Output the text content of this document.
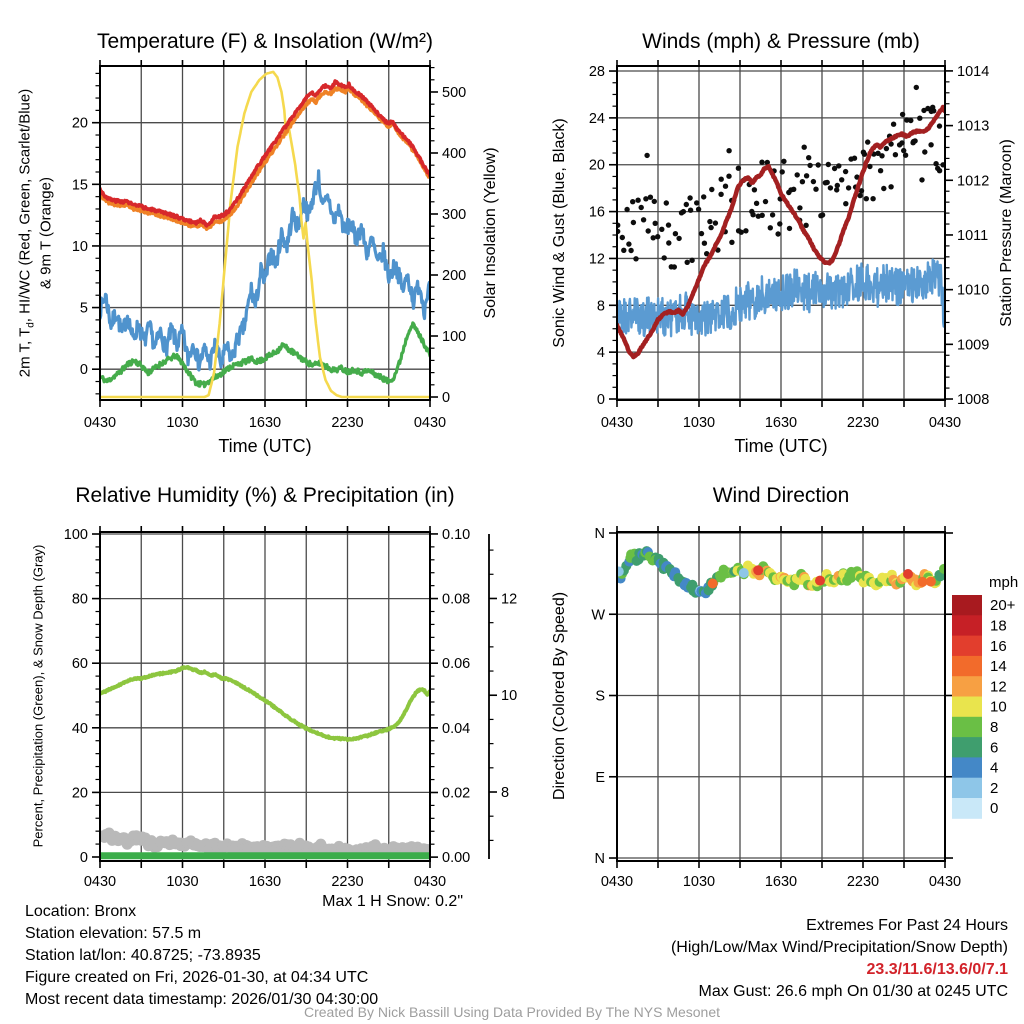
0430	1030	1630	2230	0430
0
5
10
15
20
0
100
200
300
400
500
0430	1030	1630	2230	0430
0
4
8
12
16
20
24
28
1008
1009
1010
1011
1012
1013
1014
0430	1030	1630	2230	0430
0
20
40
60
80
100
0.00
0.02
0.04
0.06
0.08
0.10
8
10
12
0430	1030	1630	2230	0430
N
W
S
E
N
20+
18
16
14
12
10
8
6
4
2
0
Temperature (F) & Insolation (W/m²)	Winds (mph) & Pressure (mb)
Relative Humidity (%) & Precipitation (in)	Wind Direction
Time (UTC)	Time (UTC)
2m T, $T_d$, HI/WC (Red, Green, Scarlet/Blue) & 9m T (Orange)	Solar Insolation (Yellow)	Sonic Wind & Gust (Blue, Black)	Station Pressure (Maroon)
Percent, Precipitation (Green), & Snow Depth (Gray)	Direction (Colored By Speed)
mph
Location: Bronx
Station elevation: 57.5 m
Station lat/lon: 40.8725; -73.8935
Figure created on Fri, 2026-01-30, at 04:34 UTC
Most recent data timestamp: 2026/01/30 04:30:00
Max 1 H Snow: 0.2"
Extremes For Past 24 Hours
(High/Low/Max Wind/Precipitation/Snow Depth)
23.3/11.6/13.6/0/7.1
Max Gust: 26.6 mph On 01/30 at 0245 UTC
Created By Nick Bassill Using Data Provided By The NYS Mesonet
